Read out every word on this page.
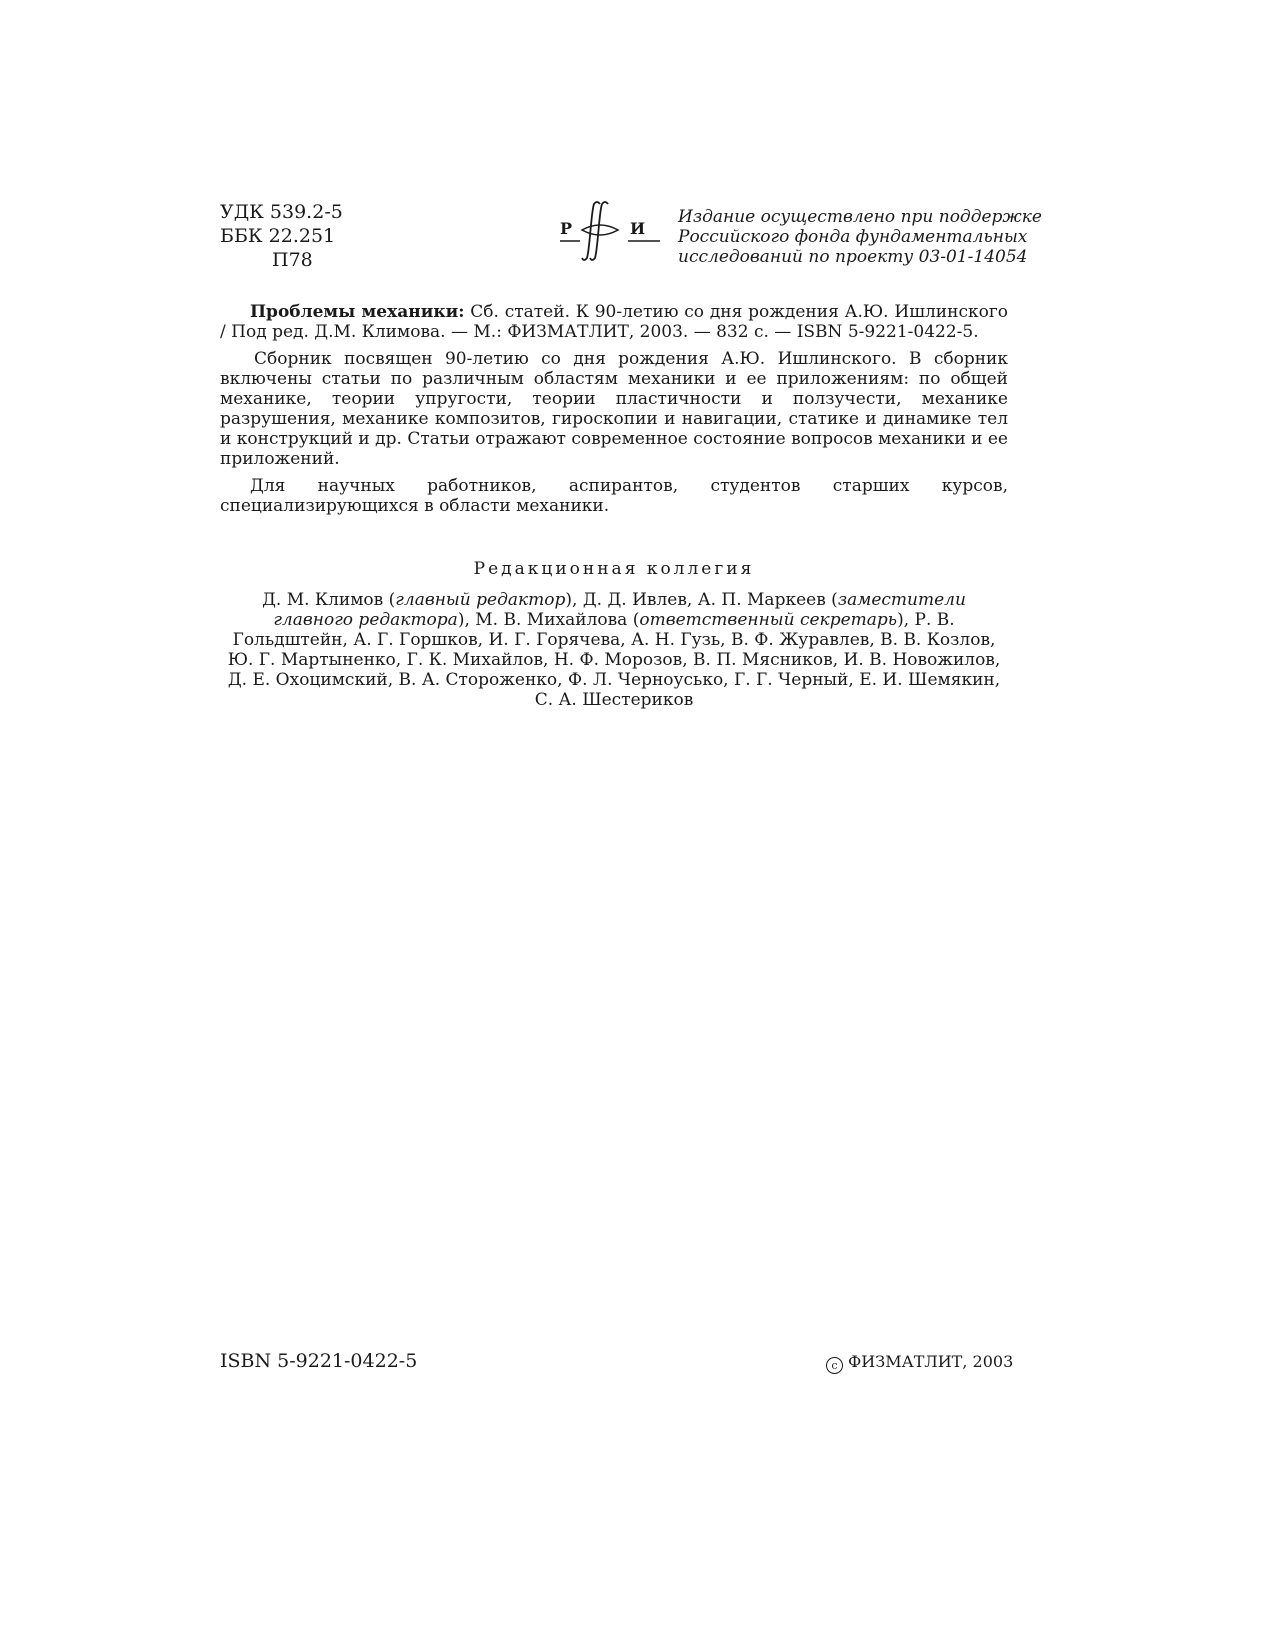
УДК 539.2-5
ББК 22.251
П78
Р	И
Издание осуществлено при поддержке
Российского фонда фундаментальных
исследований по проекту 03-01-14054

Проблемы механики: Сб. статей. К 90-летию со дня рождения А.Ю. Ишлинского / Под ред. Д.М. Климова. — М.: ФИЗМАТЛИТ, 2003. — 832 с. — ISBN 5-9221-0422-5.

  Сборник посвящен 90-летию со дня рождения А.Ю. Ишлинского. В сборник включены статьи по различным областям механики и ее приложениям: по общей механике, теории упругости, теории пластичности и ползучести, механике разрушения, механике композитов, гироскопии и навигации, статике и динамике тел и конструкций и др. Статьи отражают современное состояние вопросов механики и ее приложений.

Для научных работников, аспирантов, студентов старших курсов, специализирующихся в области механики.

Редакционная коллегия
Д. М. Климов (главный редактор), Д. Д. Ивлев, А. П. Маркеев (заместители главного редактора), М. В. Михайлова (ответственный секретарь), Р. В. Гольдштейн, А. Г. Горшков, И. Г. Горячева, А. Н. Гузь, В. Ф. Журавлев, В. В. Козлов, Ю. Г. Мартыненко, Г. К. Михайлов, Н. Ф. Морозов, В. П. Мясников, И. В. Новожилов, Д. Е. Охоцимский, В. А. Стороженко, Ф. Л. Черноусько, Г. Г. Черный, Е. И. Шемякин, С. А. Шестериков
ISBN 5-9221-0422-5	c ФИЗМАТЛИТ, 2003
